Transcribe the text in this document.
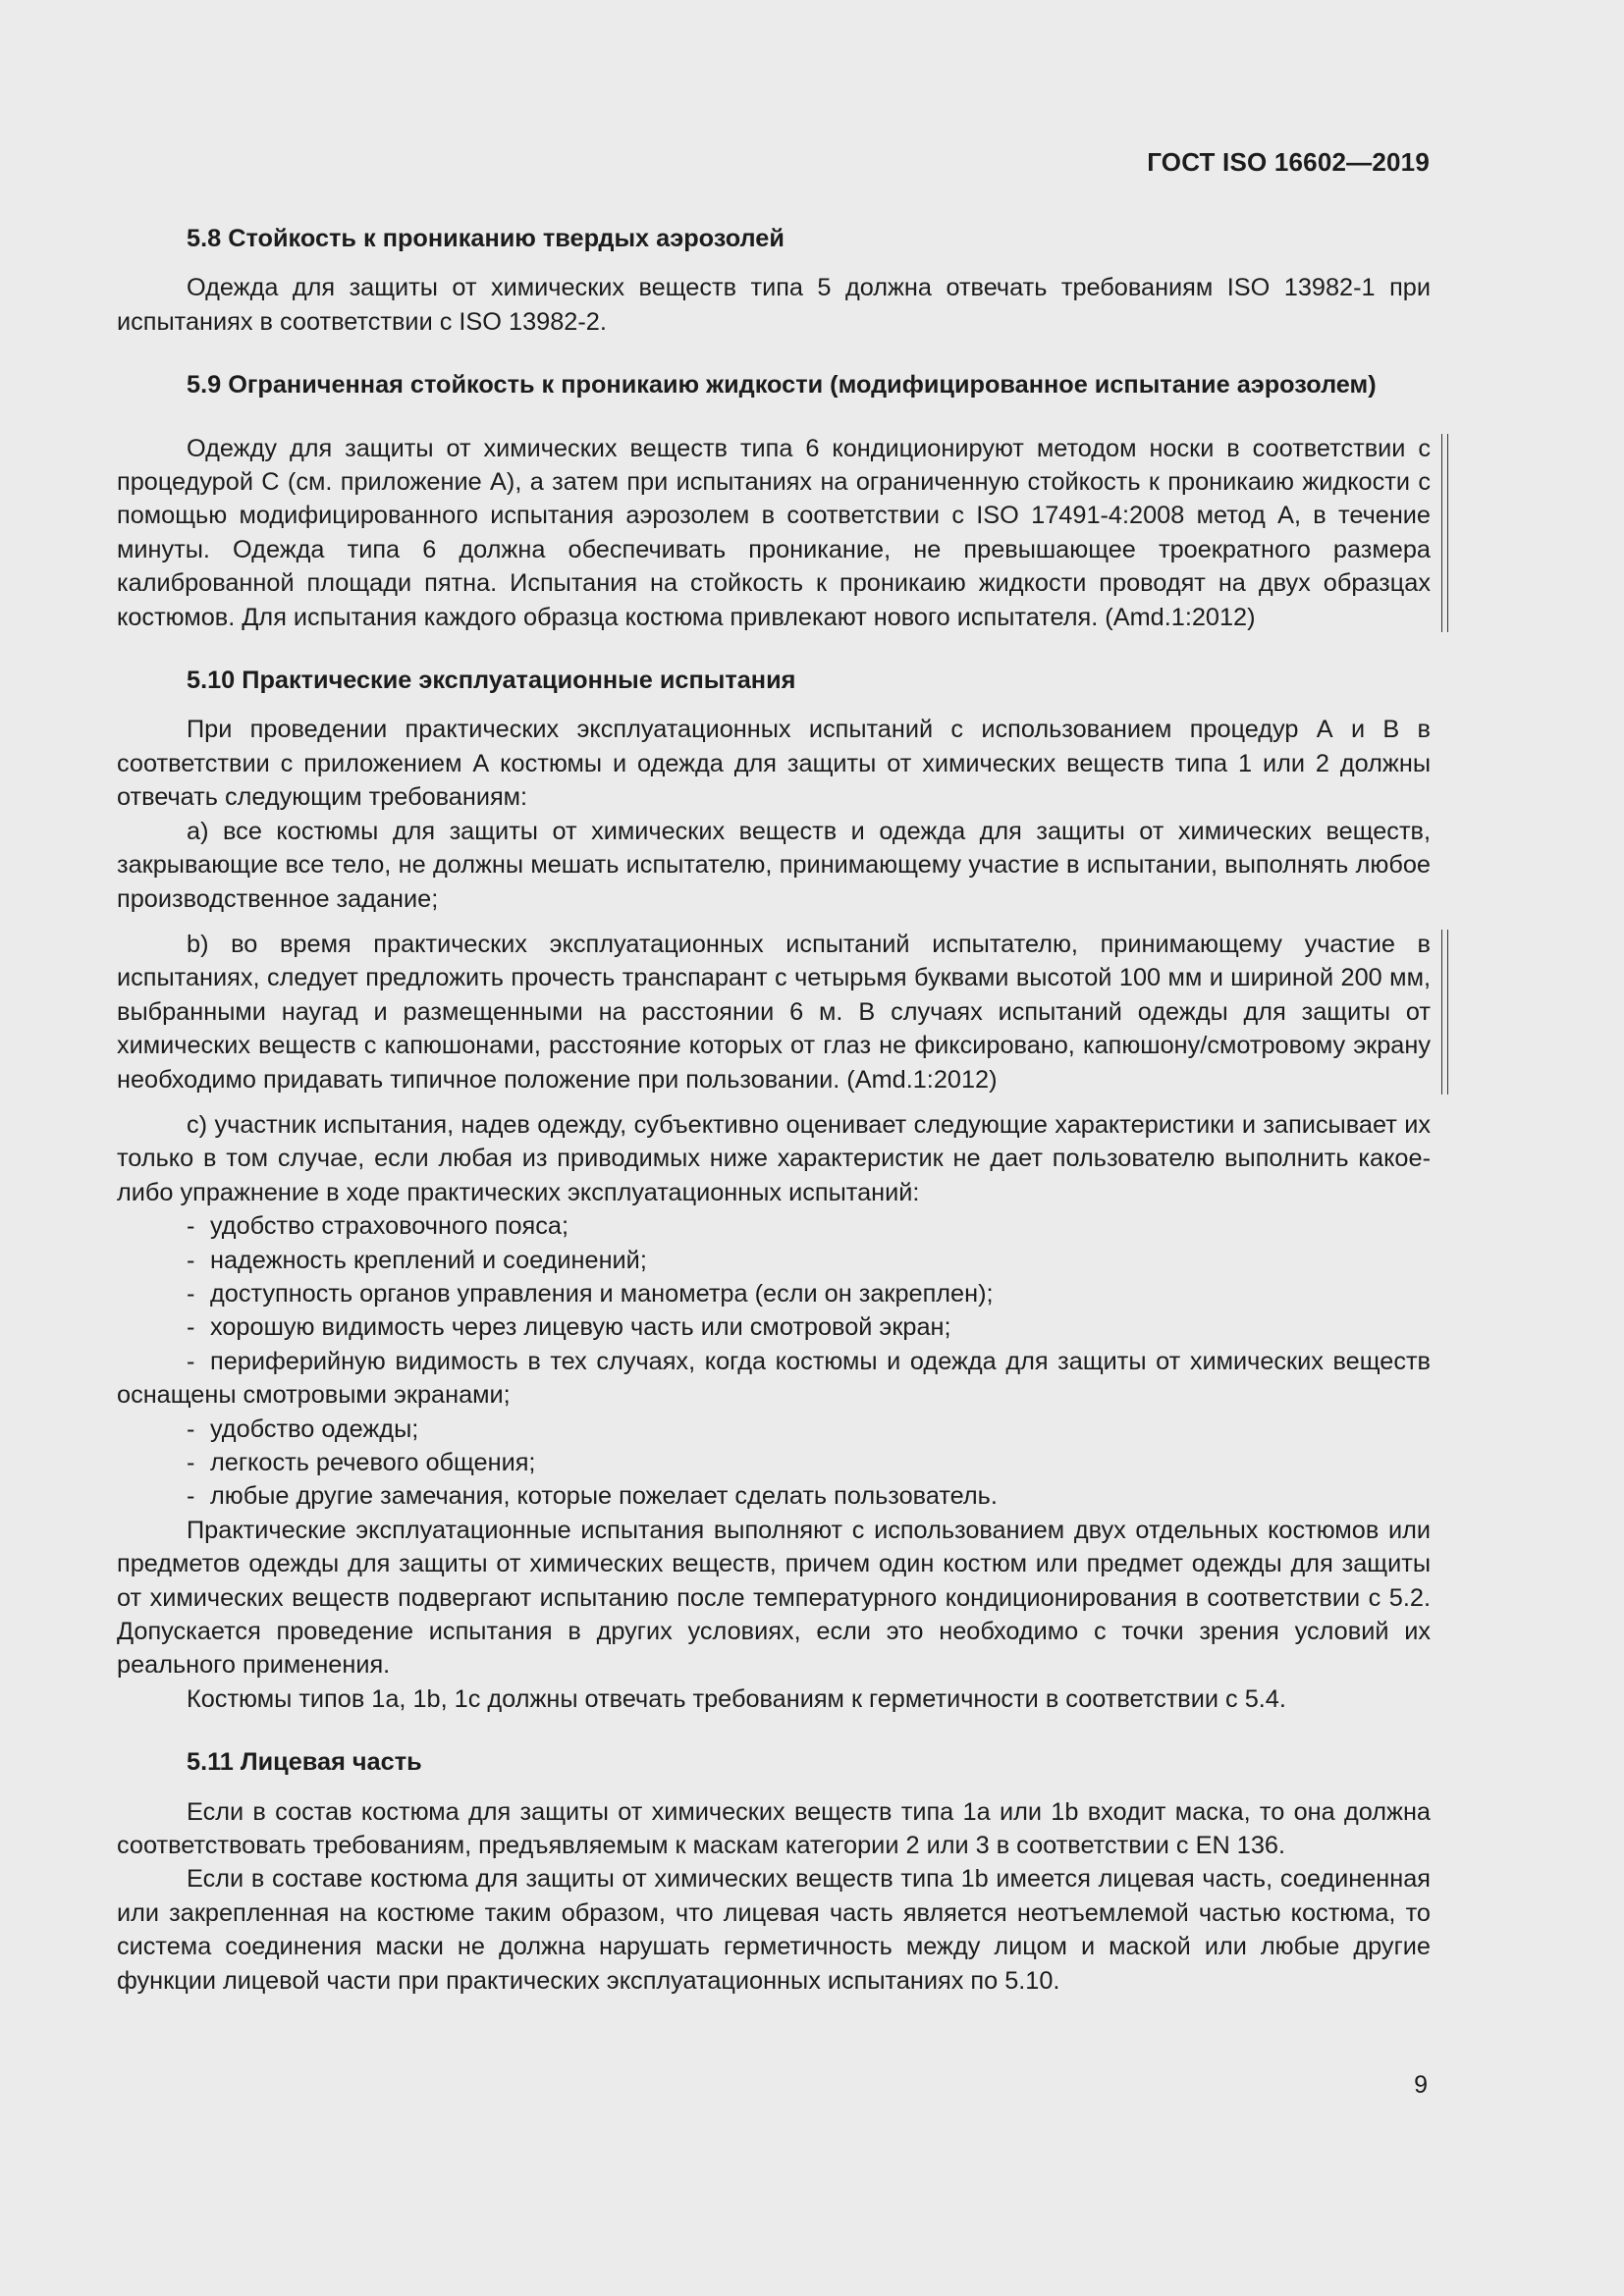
ГОСТ ISO 16602—2019
5.8 Стойкость к прониканию твердых аэрозолей

Одежда для защиты от химических веществ типа 5 должна отвечать требованиям ISO 13982-1 при испытаниях в соответствии с ISO 13982-2.

5.9 Ограниченная стойкость к проникаию жидкости (модифицированное испытание аэрозолем)

Одежду для защиты от химических веществ типа 6 кондиционируют методом носки в соответствии с процедурой С (см. приложение А), а затем при испытаниях на ограниченную стойкость к проникаию жидкости с помощью модифицированного испытания аэрозолем в соответствии с ISO 17491-4:2008 метод А, в течение минуты. Одежда типа 6 должна обеспечивать проникание, не превышающее троекратного размера калиброванной площади пятна. Испытания на стойкость к проникаию жидкости проводят на двух образцах костюмов. Для испытания каждого образца костюма привлекают нового испытателя. (Amd.1:2012)

5.10 Практические эксплуатационные испытания

При проведении практических эксплуатационных испытаний с использованием процедур А и В в соответствии с приложением А костюмы и одежда для защиты от химических веществ типа 1 или 2 должны отвечать следующим требованиям:

а) все костюмы для защиты от химических веществ и одежда для защиты от химических веществ, закрывающие все тело, не должны мешать испытателю, принимающему участие в испытании, выполнять любое производственное задание;

b) во время практических эксплуатационных испытаний испытателю, принимающему участие в испытаниях, следует предложить прочесть транспарант с четырьмя буквами высотой 100 мм и шириной 200 мм, выбранными наугад и размещенными на расстоянии 6 м. В случаях испытаний одежды для защиты от химических веществ с капюшонами, расстояние которых от глаз не фиксировано, капюшону/смотровому экрану необходимо придавать типичное положение при пользовании. (Amd.1:2012)

с) участник испытания, надев одежду, субъективно оценивает следующие характеристики и записывает их только в том случае, если любая из приводимых ниже характеристик не дает пользователю выполнить какое-либо упражнение в ходе практических эксплуатационных испытаний:

- удобство страховочного пояса;

- надежность креплений и соединений;

- доступность органов управления и манометра (если он закреплен);

- хорошую видимость через лицевую часть или смотровой экран;

- периферийную видимость в тех случаях, когда костюмы и одежда для защиты от химических веществ оснащены смотровыми экранами;

- удобство одежды;

- легкость речевого общения;

- любые другие замечания, которые пожелает сделать пользователь.

Практические эксплуатационные испытания выполняют с использованием двух отдельных костюмов или предметов одежды для защиты от химических веществ, причем один костюм или предмет одежды для защиты от химических веществ подвергают испытанию после температурного кондиционирования в соответствии с 5.2. Допускается проведение испытания в других условиях, если это необходимо с точки зрения условий их реального применения.

Костюмы типов 1а, 1b, 1с должны отвечать требованиям к герметичности в соответствии с 5.4.

5.11 Лицевая часть

Если в состав костюма для защиты от химических веществ типа 1а или 1b входит маска, то она должна соответствовать требованиям, предъявляемым к маскам категории 2 или 3 в соответствии с EN 136.

Если в составе костюма для защиты от химических веществ типа 1b имеется лицевая часть, соединенная или закрепленная на костюме таким образом, что лицевая часть является неотъемлемой частью костюма, то система соединения маски не должна нарушать герметичность между лицом и маской или любые другие функции лицевой части при практических эксплуатационных испытаниях по 5.10.

9
